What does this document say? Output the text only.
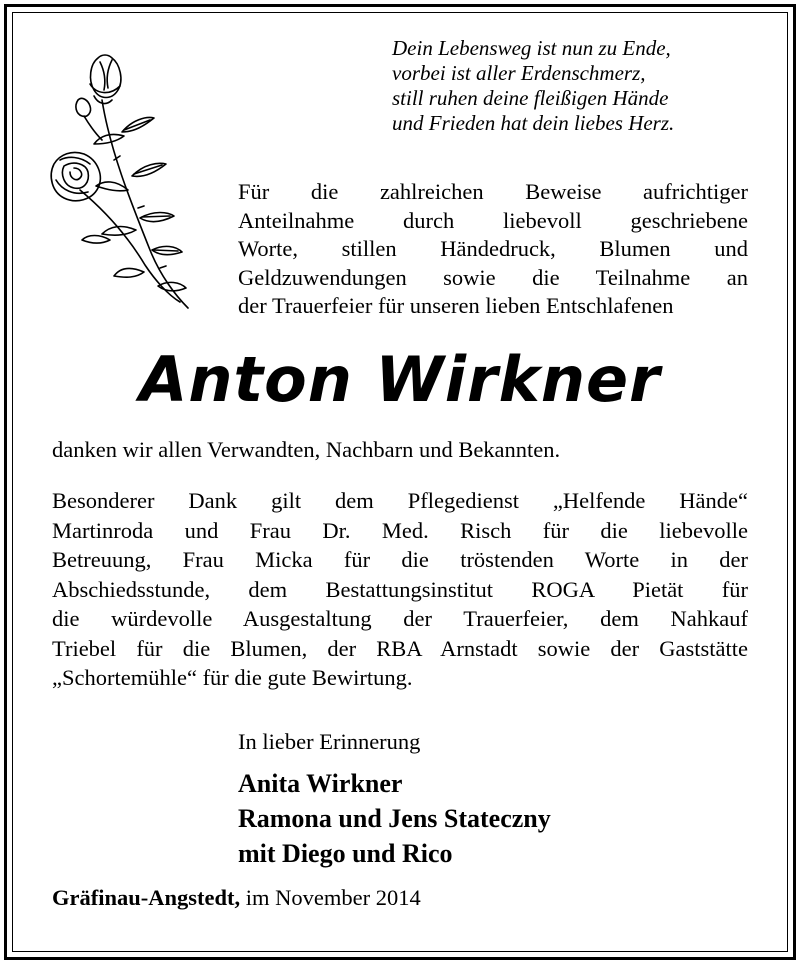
Dein Lebensweg ist nun zu Ende,
vorbei ist aller Erdenschmerz,
still ruhen deine fleißigen Hände
und Frieden hat dein liebes Herz.
Für die zahlreichen Beweise aufrichtiger
Anteilnahme durch liebevoll geschriebene
Worte, stillen Händedruck, Blumen und
Geldzuwendungen sowie die Teilnahme an
der Trauerfeier für unseren lieben Entschlafenen
Anton Wirkner
danken wir allen Verwandten, Nachbarn und Bekannten.
Besonderer Dank gilt dem Pflegedienst „Helfende Hände“
Martinroda und Frau Dr. Med. Risch für die liebevolle
Betreuung, Frau Micka für die tröstenden Worte in der
Abschiedsstunde, dem Bestattungsinstitut ROGA Pietät für
die würdevolle Ausgestaltung der Trauerfeier, dem Nahkauf
Triebel für die Blumen, der RBA Arnstadt sowie der Gaststätte
„Schortemühle“ für die gute Bewirtung.
In lieber Erinnerung
Anita Wirkner
Ramona und Jens Stateczny
mit Diego und Rico
Gräfinau-Angstedt, im November 2014
